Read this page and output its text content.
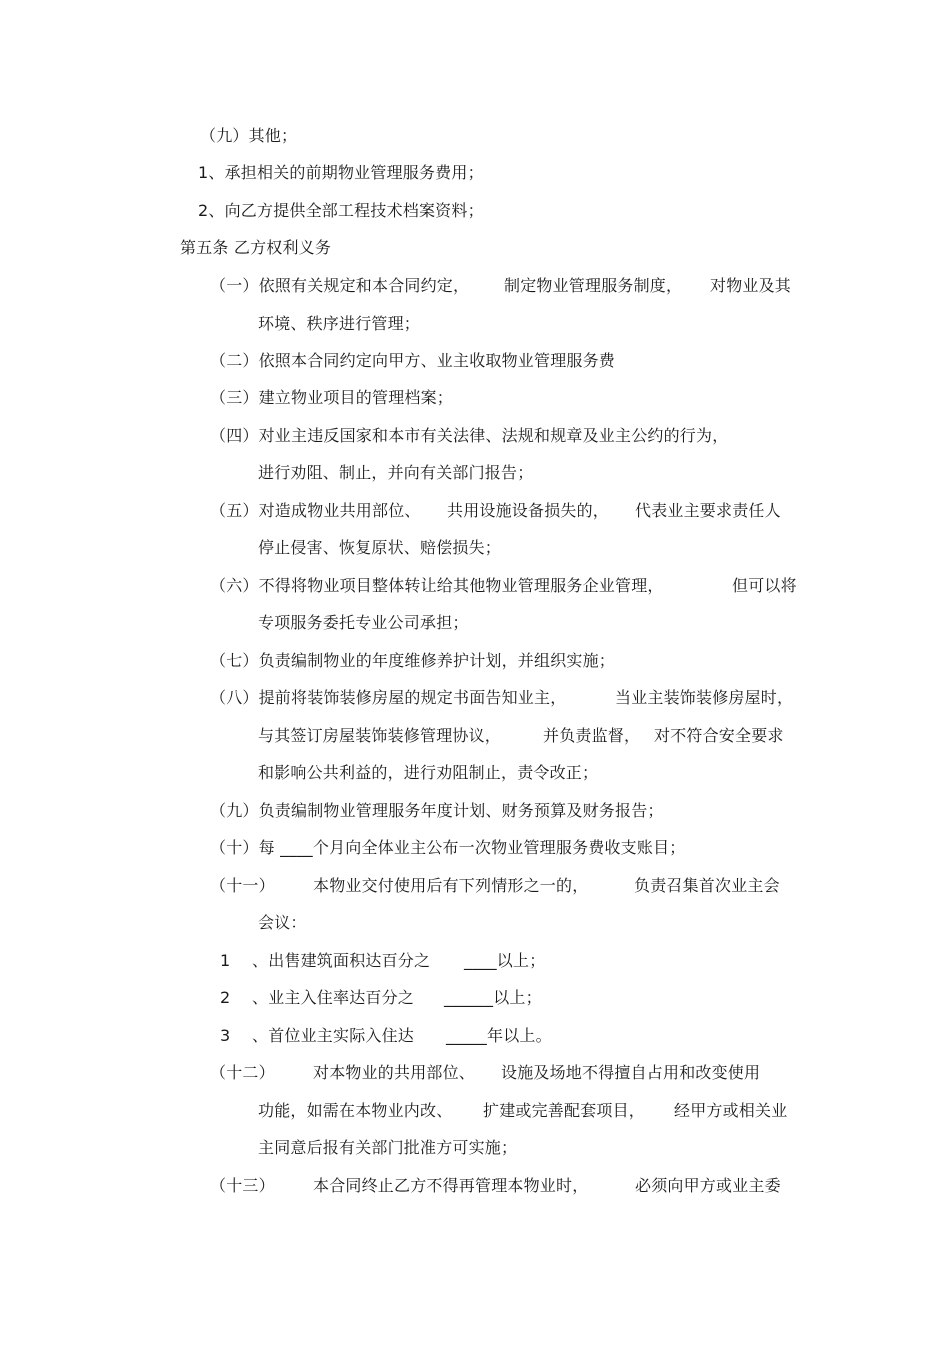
（九）其他；
1、承担相关的前期物业管理服务费用；
2、向乙方提供全部工程技术档案资料；
第五条 乙方权利义务
（一）依照有关规定和本合同约定， 制定物业管理服务制度， 对物业及其
环境、秩序进行管理；
（二）依照本合同约定向甲方、业主收取物业管理服务费
（三）建立物业项目的管理档案；
（四）对业主违反国家和本市有关法律、法规和规章及业主公约的行为，
进行劝阻、制止，并向有关部门报告；
（五）对造成物业共用部位、 共用设施设备损失的， 代表业主要求责任人
停止侵害、恢复原状、赔偿损失；
（六）不得将物业项目整体转让给其他物业管理服务企业管理，	但可以将
专项服务委托专业公司承担；
（七）负责编制物业的年度维修养护计划，并组织实施；
（八）提前将装饰装修房屋的规定书面告知业主，	当业主装饰装修房屋时，
与其签订房屋装饰装修管理协议，	并负责监督， 对不符合安全要求
和影响公共利益的，进行劝阻制止，责令改正；
（九）负责编制物业管理服务年度计划、财务预算及财务报告；
（十）每 ____个月向全体业主公布一次物业管理服务费收支账目；
（十一） 本物业交付使用后有下列情形之一的，	负责召集首次业主会
会议：
1 、出售建筑面积达百分之 ____以上；
2 、业主入住率达百分之 ______以上；
3 、首位业主实际入住达 _____年以上。
（十二） 对本物业的共用部位、 设施及场地不得擅自占用和改变使用
功能，如需在本物业内改、 扩建或完善配套项目， 经甲方或相关业
主同意后报有关部门批准方可实施；
（十三） 本合同终止乙方不得再管理本物业时，	必须向甲方或业主委
